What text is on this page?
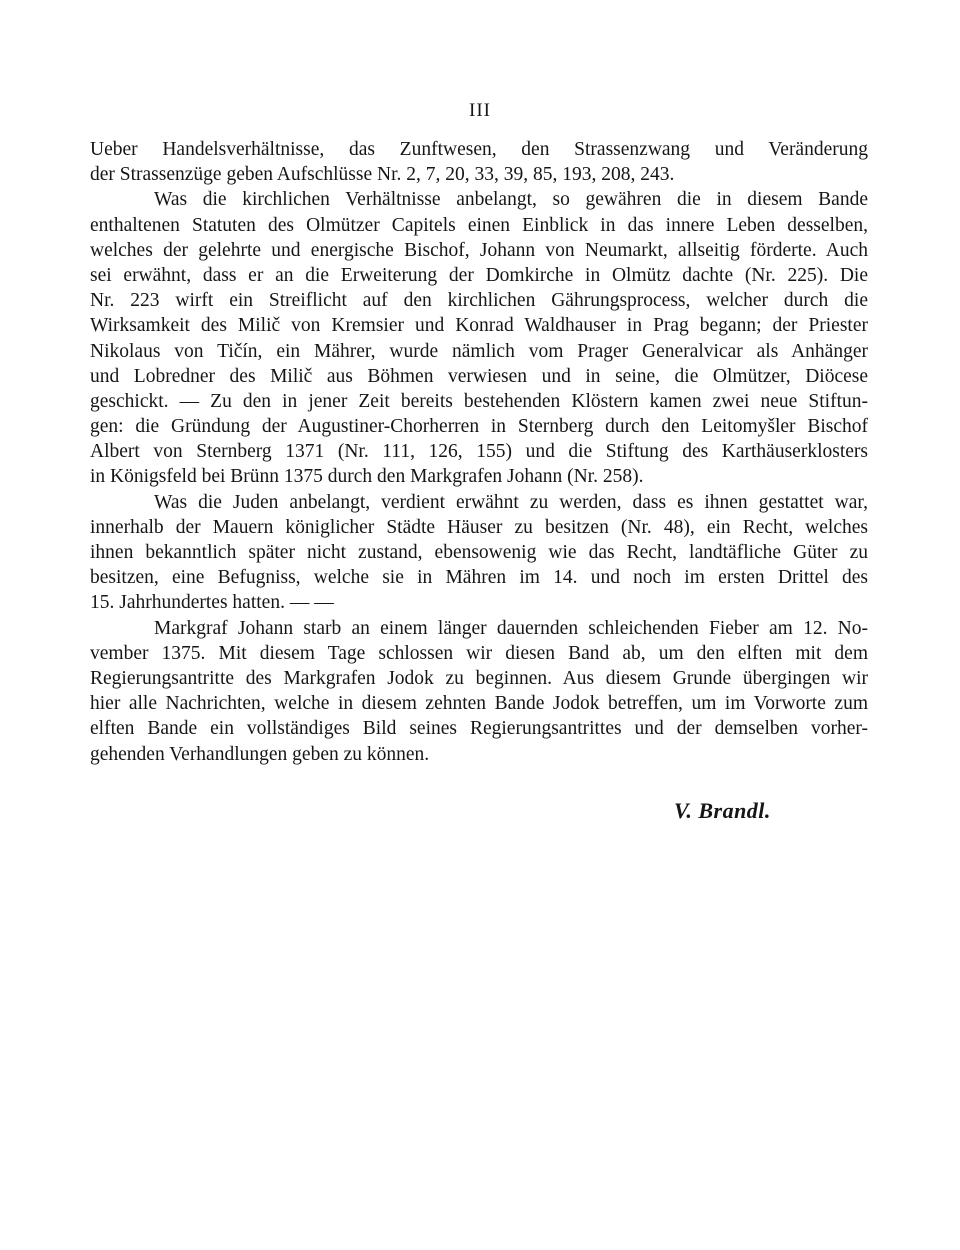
III
Ueber Handelsverhältnisse, das Zunftwesen, den Strassenzwang und Veränderung
der Strassenzüge geben Aufschlüsse Nr. 2, 7, 20, 33, 39, 85, 193, 208, 243.
Was die kirchlichen Verhältnisse anbelangt, so gewähren die in diesem Bande
enthaltenen Statuten des Olmützer Capitels einen Einblick in das innere Leben desselben,
welches der gelehrte und energische Bischof, Johann von Neumarkt, allseitig förderte. Auch
sei erwähnt, dass er an die Erweiterung der Domkirche in Olmütz dachte (Nr. 225). Die
Nr. 223 wirft ein Streiflicht auf den kirchlichen Gährungsprocess, welcher durch die
Wirksamkeit des Milič von Kremsier und Konrad Waldhauser in Prag begann; der Priester
Nikolaus von Tičín, ein Mährer, wurde nämlich vom Prager Generalvicar als Anhänger
und Lobredner des Milič aus Böhmen verwiesen und in seine, die Olmützer, Diöcese
geschickt. — Zu den in jener Zeit bereits bestehenden Klöstern kamen zwei neue Stiftun-
gen: die Gründung der Augustiner-Chorherren in Sternberg durch den Leitomyšler Bischof
Albert von Sternberg 1371 (Nr. 111, 126, 155) und die Stiftung des Karthäuserklosters
in Königsfeld bei Brünn 1375 durch den Markgrafen Johann (Nr. 258).
Was die Juden anbelangt, verdient erwähnt zu werden, dass es ihnen gestattet war,
innerhalb der Mauern königlicher Städte Häuser zu besitzen (Nr. 48), ein Recht, welches
ihnen bekanntlich später nicht zustand, ebensowenig wie das Recht, landtäfliche Güter zu
besitzen, eine Befugniss, welche sie in Mähren im 14. und noch im ersten Drittel des
15. Jahrhundertes hatten. — —
Markgraf Johann starb an einem länger dauernden schleichenden Fieber am 12. No-
vember 1375. Mit diesem Tage schlossen wir diesen Band ab, um den elften mit dem
Regierungsantritte des Markgrafen Jodok zu beginnen. Aus diesem Grunde übergingen wir
hier alle Nachrichten, welche in diesem zehnten Bande Jodok betreffen, um im Vorworte zum
elften Bande ein vollständiges Bild seines Regierungsantrittes und der demselben vorher-
gehenden Verhandlungen geben zu können.
V. Brandl.
